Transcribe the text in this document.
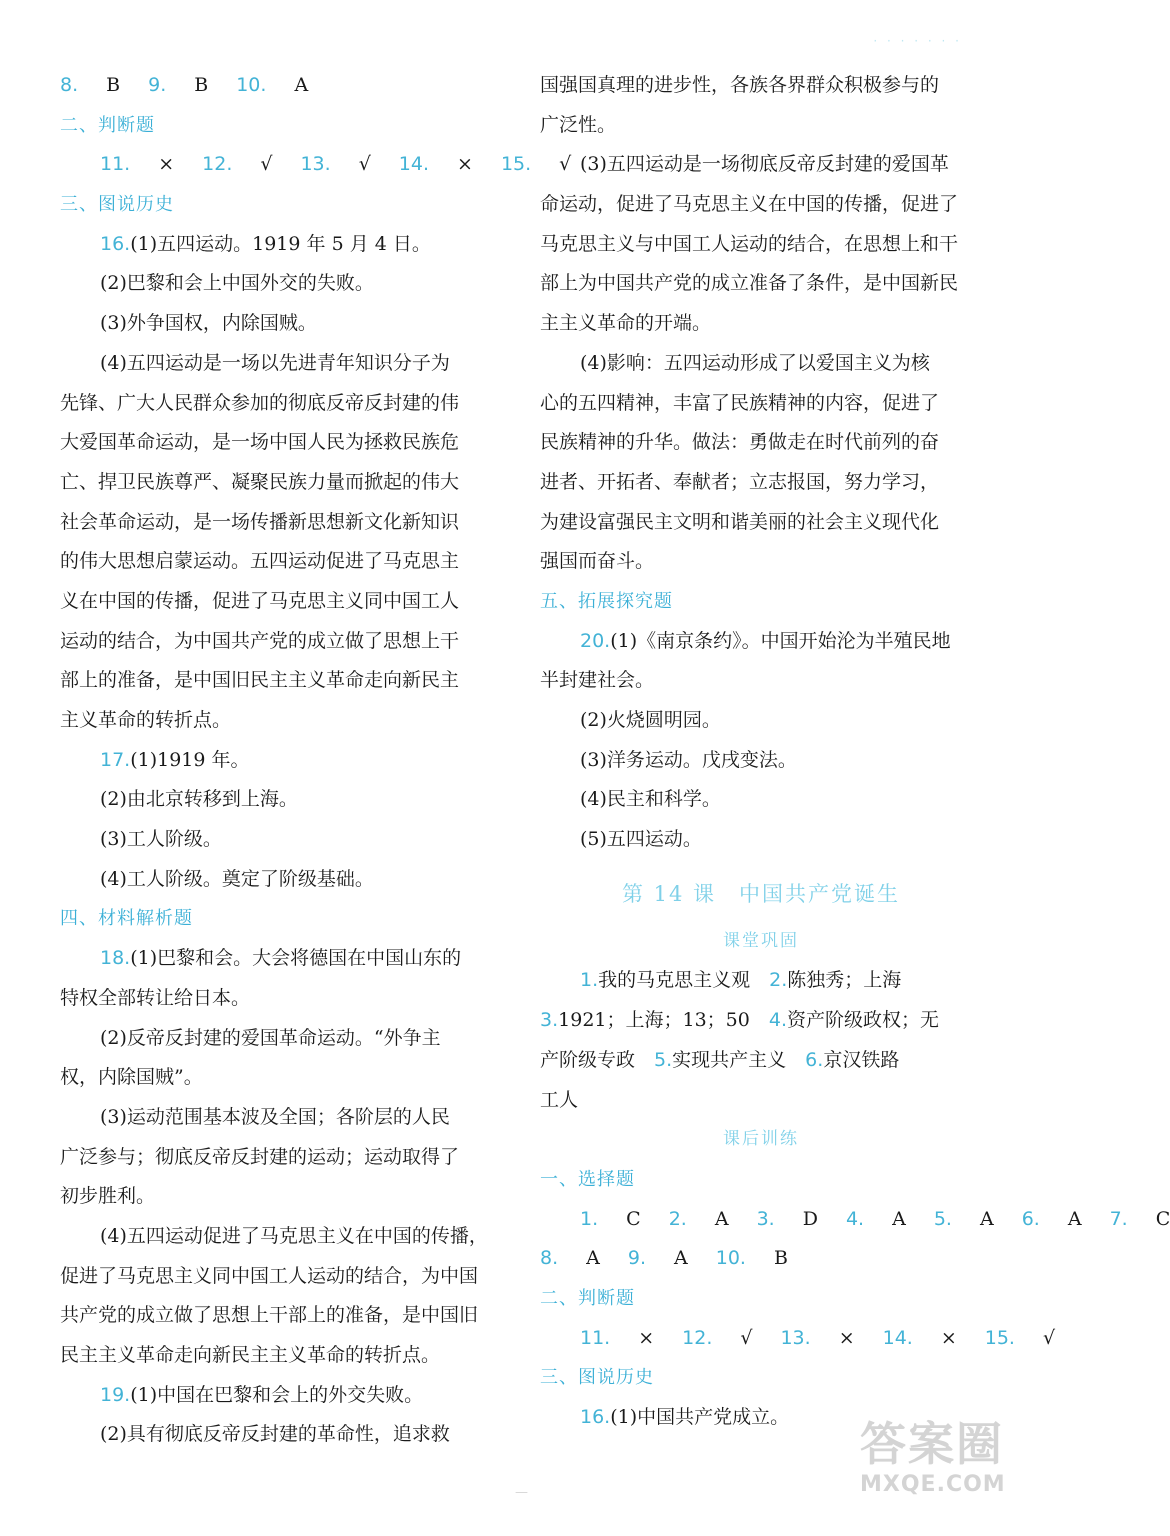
· · · · · · ·
8. B 9. B 10. A
二、判断题
11. × 12. √ 13. √ 14. × 15. √
三、图说历史
16.(1)五四运动。1919 年 5 月 4 日。
(2)巴黎和会上中国外交的失败。
(3)外争国权，内除国贼。
(4)五四运动是一场以先进青年知识分子为
先锋、广大人民群众参加的彻底反帝反封建的伟
大爱国革命运动，是一场中国人民为拯救民族危
亡、捍卫民族尊严、凝聚民族力量而掀起的伟大
社会革命运动，是一场传播新思想新文化新知识
的伟大思想启蒙运动。五四运动促进了马克思主
义在中国的传播，促进了马克思主义同中国工人
运动的结合，为中国共产党的成立做了思想上干
部上的准备，是中国旧民主主义革命走向新民主
主义革命的转折点。
17.(1)1919 年。
(2)由北京转移到上海。
(3)工人阶级。
(4)工人阶级。奠定了阶级基础。
四、材料解析题
18.(1)巴黎和会。大会将德国在中国山东的
特权全部转让给日本。
(2)反帝反封建的爱国革命运动。“外争主
权，内除国贼”。
(3)运动范围基本波及全国；各阶层的人民
广泛参与；彻底反帝反封建的运动；运动取得了
初步胜利。
(4)五四运动促进了马克思主义在中国的传播，
促进了马克思主义同中国工人运动的结合，为中国
共产党的成立做了思想上干部上的准备，是中国旧
民主主义革命走向新民主主义革命的转折点。
19.(1)中国在巴黎和会上的外交失败。
(2)具有彻底反帝反封建的革命性，追求救
国强国真理的进步性，各族各界群众积极参与的
广泛性。
(3)五四运动是一场彻底反帝反封建的爱国革
命运动，促进了马克思主义在中国的传播，促进了
马克思主义与中国工人运动的结合，在思想上和干
部上为中国共产党的成立准备了条件，是中国新民
主主义革命的开端。
(4)影响：五四运动形成了以爱国主义为核
心的五四精神，丰富了民族精神的内容，促进了
民族精神的升华。做法：勇做走在时代前列的奋
进者、开拓者、奉献者；立志报国，努力学习，
为建设富强民主文明和谐美丽的社会主义现代化
强国而奋斗。
五、拓展探究题
20.(1)《南京条约》。中国开始沦为半殖民地
半封建社会。
(2)火烧圆明园。
(3)洋务运动。戊戌变法。
(4)民主和科学。
(5)五四运动。
第 14 课　中国共产党诞生
课堂巩固
1.我的马克思主义观　2.陈独秀；上海
3.1921；上海；13；50　4.资产阶级政权；无
产阶级专政　5.实现共产主义　6.京汉铁路
工人
课后训练
一、选择题
1. C 2. A 3. D 4. A 5. A 6. A 7. C
8. A 9. A 10. B
二、判断题
11. × 12. √ 13. × 14. × 15. √
三、图说历史
16.(1)中国共产党成立。
—
答案圈
MXQE.COM
